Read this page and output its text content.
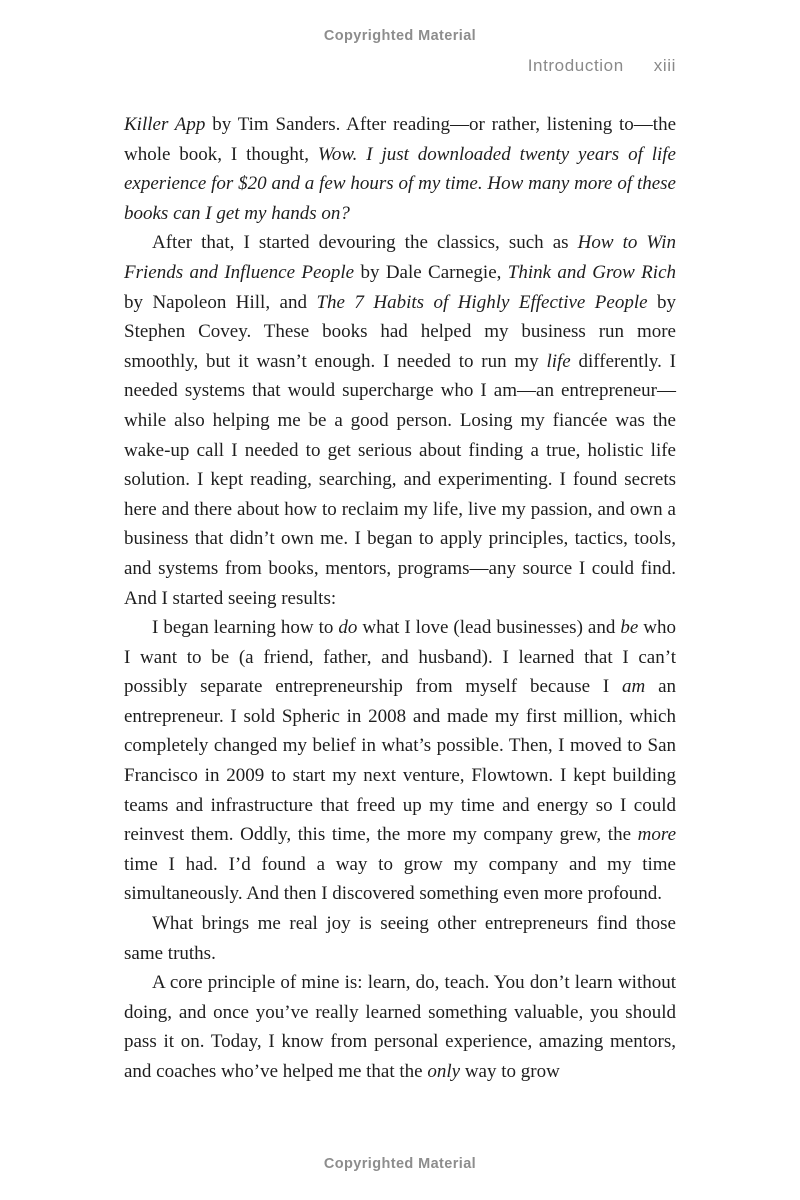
Copyrighted Material
Introduction xiii

Killer App by Tim Sanders. After reading—or rather, listening to—the whole book, I thought, Wow. I just downloaded twenty years of life experience for $20 and a few hours of my time. How many more of these books can I get my hands on?

After that, I started devouring the classics, such as How to Win Friends and Influence People by Dale Carnegie, Think and Grow Rich by Napoleon Hill, and The 7 Habits of Highly Effective People by Stephen Covey. These books had helped my business run more smoothly, but it wasn’t enough. I needed to run my life differently. I needed systems that would supercharge who I am—an entrepreneur—while also helping me be a good person. Losing my fiancée was the wake-up call I needed to get serious about finding a true, holistic life solution. I kept reading, searching, and experimenting. I found secrets here and there about how to reclaim my life, live my passion, and own a business that didn’t own me. I began to apply principles, tactics, tools, and systems from books, mentors, programs—any source I could find. And I started seeing results:

I began learning how to do what I love (lead businesses) and be who I want to be (a friend, father, and husband). I learned that I can’t possibly separate entrepreneurship from myself because I am an entrepreneur. I sold Spheric in 2008 and made my first million, which completely changed my belief in what’s possible. Then, I moved to San Francisco in 2009 to start my next venture, Flowtown. I kept building teams and infrastructure that freed up my time and energy so I could reinvest them. Oddly, this time, the more my company grew, the more time I had. I’d found a way to grow my company and my time simultaneously. And then I discovered something even more profound.

What brings me real joy is seeing other entrepreneurs find those same truths.

A core principle of mine is: learn, do, teach. You don’t learn without doing, and once you’ve really learned something valuable, you should pass it on. Today, I know from personal experience, amazing mentors, and coaches who’ve helped me that the only way to grow

Copyrighted Material
